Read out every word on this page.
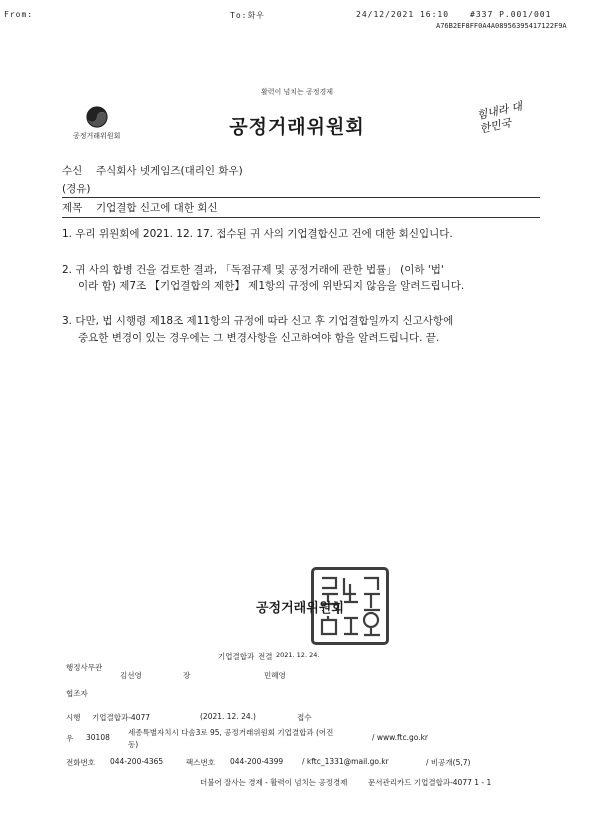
From:	To:화우	24/12/2021 16:10	#337 P.001/001
A76B2EF8FF0A4A08956395417122F9A
활력이 넘치는 공정경제
공정거래위원회	공정거래위원회
힘내라 대한민국
수신 주식회사 넷게임즈(대리인 화우)
(경유)
제목 기업결합 신고에 대한 회신
1. 우리 위원회에 2021. 12. 17. 접수된 귀 사의 기업결합신고 건에 대한 회신입니다.
2. 귀 사의 합병 건을 검토한 결과, 「독점규제 및 공정거래에 관한 법률」 (이하 '법'
이라 함) 제7조 【기업결합의 제한】 제1항의 규정에 위반되지 않음을 알려드립니다.
3. 다만, 법 시행령 제18조 제11항의 규정에 따라 신고 후 기업결합일까지 신고사항에
중요한 변경이 있는 경우에는 그 변경사항을 신고하여야 함을 알려드립니다. 끝.
공정거래위원회
기업결합과 전결 2021. 12. 24.
행정사무관
김선영	장	민혜영
협조자
시행 기업결합과-4077	(2021. 12. 24.)	접수
우 30108
세종특별자치시 다솜3로 95, 공정거래위원회 기업결합과 (어진
동)
/ www.ftc.go.kr
전화번호 044-200-4365	팩스번호 044-200-4399	/ kftc_1331@mail.go.kr	/ 비공개(5,7)
더불어 잘사는 경제 - 활력이 넘치는 공정경제	문서관리카드 기업결합과-4077 1 - 1
